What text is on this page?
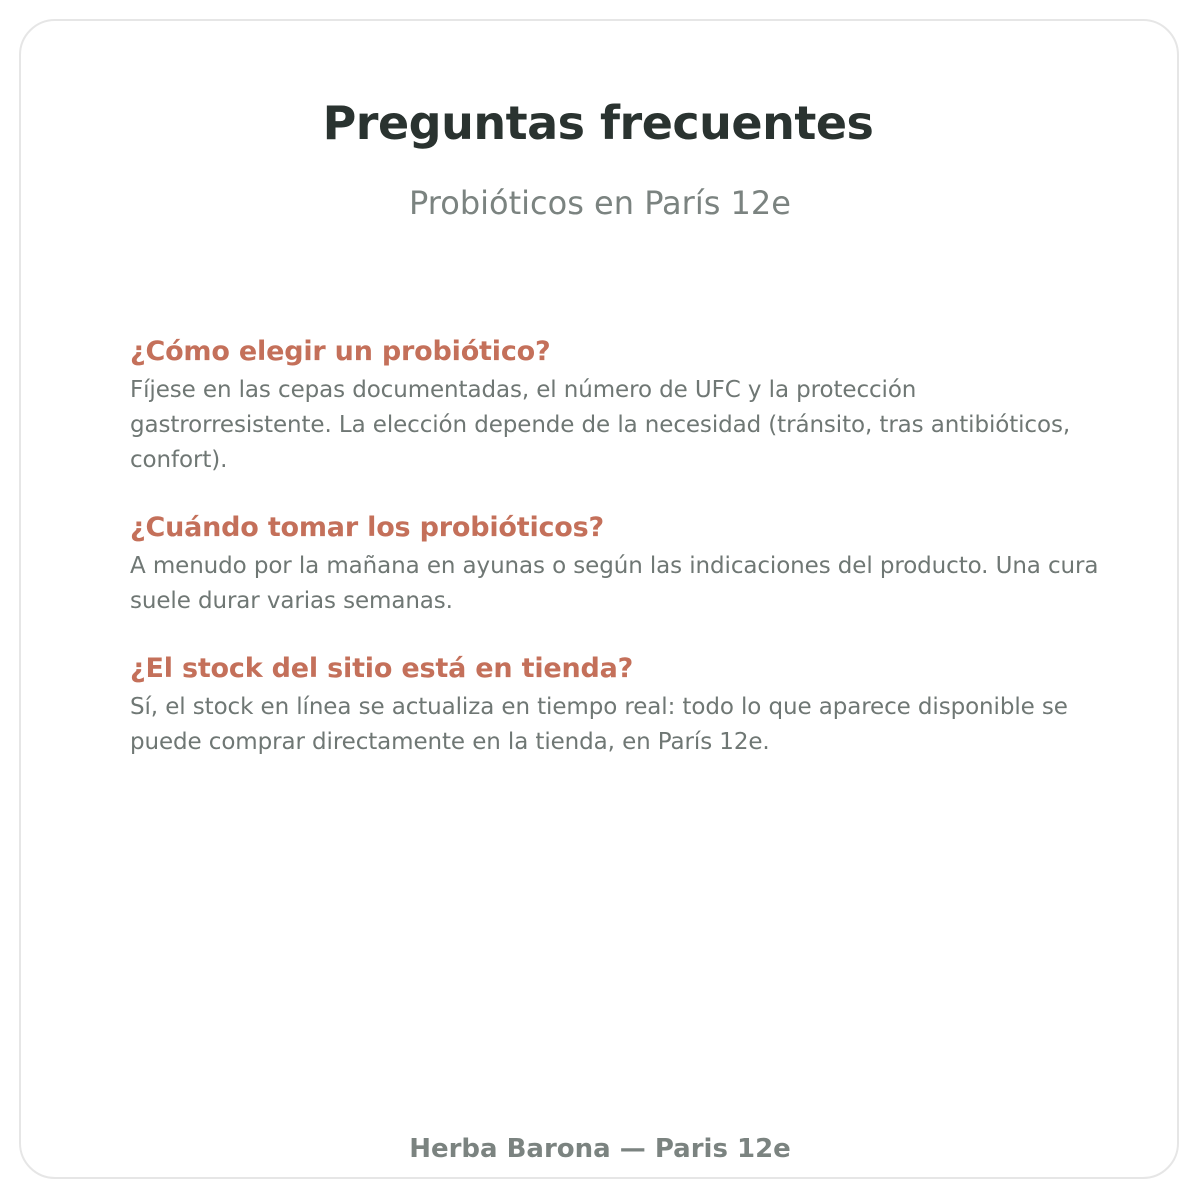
Preguntas frecuentes
Probióticos en París 12e
¿Cómo elegir un probiótico?

Fíjese en las cepas documentadas, el número de UFC y la protección gastrorresistente. La elección depende de la necesidad (tránsito, tras antibióticos, confort).

¿Cuándo tomar los probióticos?

A menudo por la mañana en ayunas o según las indicaciones del producto. Una cura suele durar varias semanas.

¿El stock del sitio está en tienda?

Sí, el stock en línea se actualiza en tiempo real: todo lo que aparece disponible se puede comprar directamente en la tienda, en París 12e.

Herba Barona — Paris 12e
